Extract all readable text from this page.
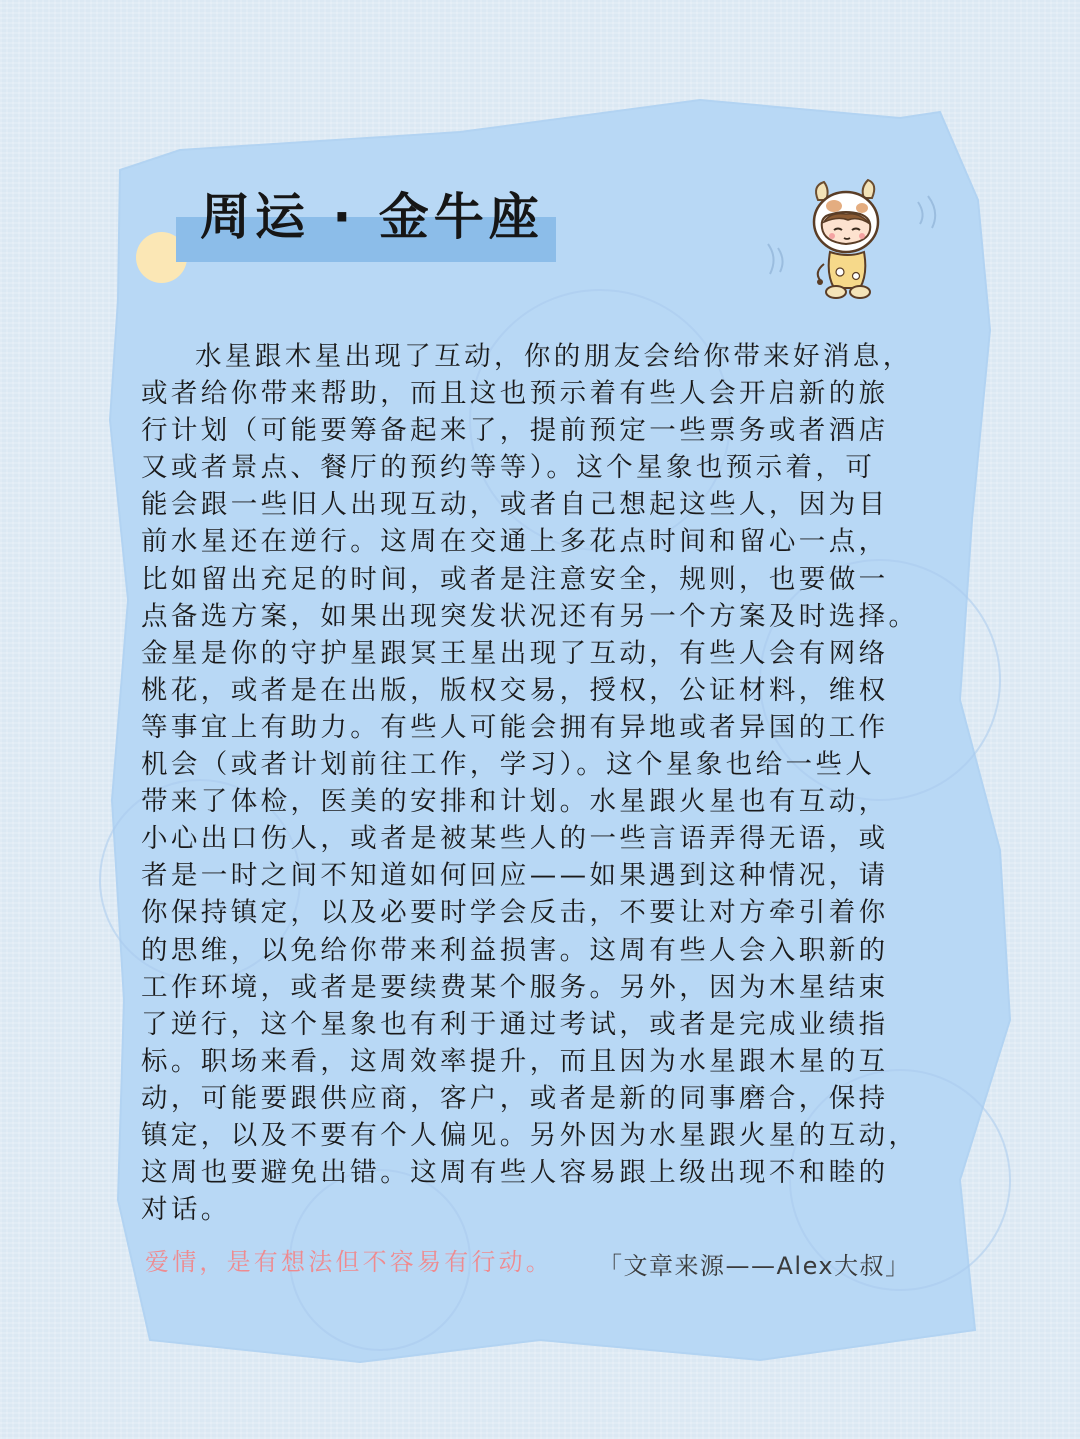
周运 · 金牛座
水星跟木星出现了互动，你的朋友会给你带来好消息，
或者给你带来帮助，而且这也预示着有些人会开启新的旅
行计划（可能要筹备起来了，提前预定一些票务或者酒店
又或者景点、餐厅的预约等等）。这个星象也预示着，可
能会跟一些旧人出现互动，或者自己想起这些人，因为目
前水星还在逆行。这周在交通上多花点时间和留心一点，
比如留出充足的时间，或者是注意安全，规则，也要做一
点备选方案，如果出现突发状况还有另一个方案及时选择。
金星是你的守护星跟冥王星出现了互动，有些人会有网络
桃花，或者是在出版，版权交易，授权，公证材料，维权
等事宜上有助力。有些人可能会拥有异地或者异国的工作
机会（或者计划前往工作，学习）。这个星象也给一些人
带来了体检，医美的安排和计划。水星跟火星也有互动，
小心出口伤人，或者是被某些人的一些言语弄得无语，或
者是一时之间不知道如何回应——如果遇到这种情况，请
你保持镇定，以及必要时学会反击，不要让对方牵引着你
的思维，以免给你带来利益损害。这周有些人会入职新的
工作环境，或者是要续费某个服务。另外，因为木星结束
了逆行，这个星象也有利于通过考试，或者是完成业绩指
标。职场来看，这周效率提升，而且因为水星跟木星的互
动，可能要跟供应商，客户，或者是新的同事磨合，保持
镇定，以及不要有个人偏见。另外因为水星跟火星的互动，
这周也要避免出错。这周有些人容易跟上级出现不和睦的
对话。
爱情，是有想法但不容易有行动。 「文章来源——Alex大叔」
